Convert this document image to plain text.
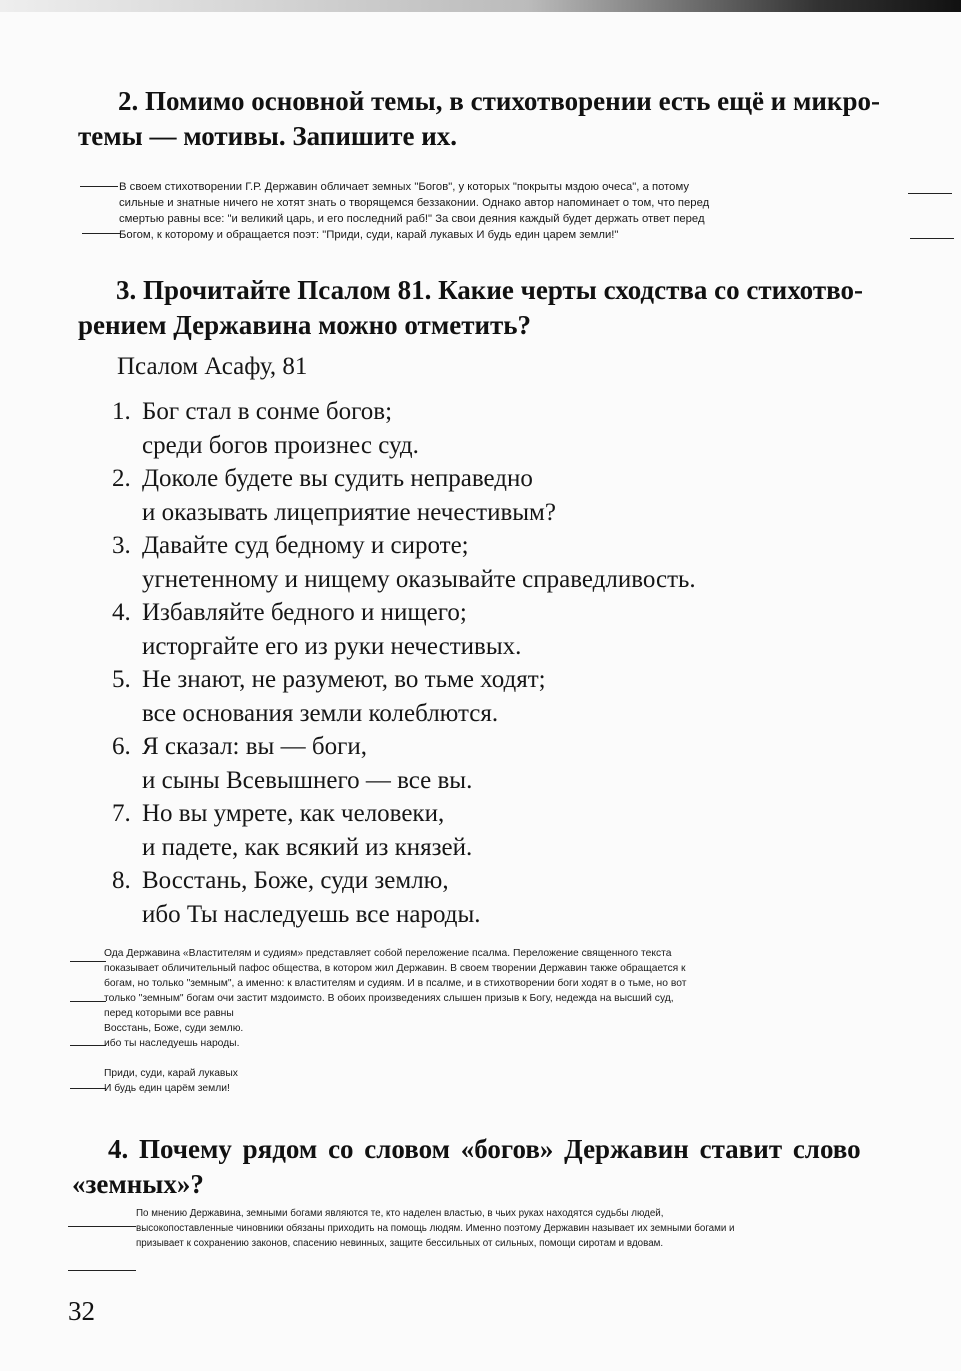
2. Помимо основной темы, в стихотворении есть ещё и микро-
темы — мотивы. Запишите их.
В своем стихотворении Г.Р. Державин обличает земных "Богов", у которых "покрыты мздою очеса", а потому
сильные и знатные ничего не хотят знать о творящемся беззаконии. Однако автор напоминает о том, что перед
смертью равны все: "и великий царь, и его последний раб!" За свои деяния каждый будет держать ответ перед
Богом, к которому и обращается поэт: "Приди, суди, карай лукавых И будь един царем земли!"
3. Прочитайте Псалом 81. Какие черты сходства со стихотво-
рением Державина можно отметить?
Псалом Асафу, 81
1. Бог стал в сонме богов;
среди богов произнес суд.
2. Доколе будете вы судить неправедно
и оказывать лицеприятие нечестивым?
3. Давайте суд бедному и сироте;
угнетенному и нищему оказывайте справедливость.
4. Избавляйте бедного и нищего;
исторгайте его из руки нечестивых.
5. Не знают, не разумеют, во тьме ходят;
все основания земли колеблются.
6. Я сказал: вы — боги,
и сыны Всевышнего — все вы.
7. Но вы умрете, как человеки,
и падете, как всякий из князей.
8. Восстань, Боже, суди землю,
ибо Ты наследуешь все народы.
Ода Державина «Властителям и судиям» представляет собой переложение псалма. Переложение священного текста
показывает обличительный пафос общества, в котором жил Державин. В своем творении Державин также обращается к
богам, но только "земным", а именно: к властителям и судиям. И в псалме, и в стихотворении боги ходят в о тьме, но вот
только "земным" богам очи застит мздоимсто. В обоих произведениях слышен призыв к Богу, недежда на высший суд,
перед которыми все равны
Восстань, Боже, суди землю.
ибо ты наследуешь народы.
Приди, суди, карай лукавых
И будь един царём земли!
4. Почему рядом со словом «богов» Державин ставит слово
«земных»?
По мнению Державина, земными богами являются те, кто наделен властью, в чьих руках находятся судьбы людей,
высокопоставленные чиновники обязаны приходить на помощь людям. Именно поэтому Державин называет их земными богами и
призывает к сохранению законов, спасению невинных, защите бессильных от сильных, помощи сиротам и вдовам.
32
